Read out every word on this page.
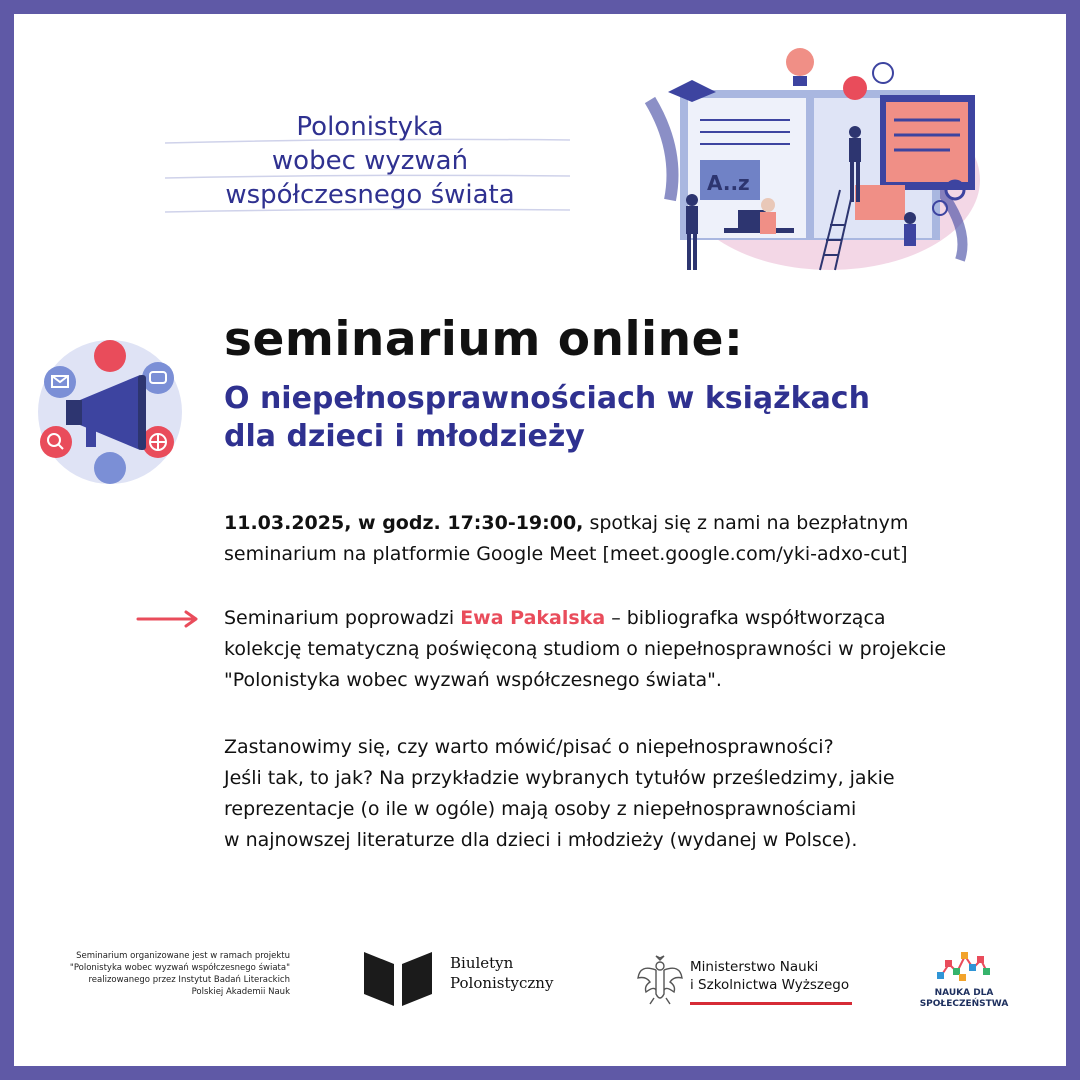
Polonistyka
wobec wyzwań
współczesnego świata	A..z
seminarium online:
O niepełnosprawnościach w książkach
dla dzieci i młodzieży
11.03.2025, w godz. 17:30-19:00, spotkaj się z nami na bezpłatnym
seminarium na platformie Google Meet [meet.google.com/yki-adxo-cut]
Seminarium poprowadzi Ewa Pakalska – bibliografka współtworząca
kolekcję tematyczną poświęconą studiom o niepełnosprawności w projekcie
"Polonistyka wobec wyzwań współczesnego świata".
Zastanowimy się, czy warto mówić/pisać o niepełnosprawności?
Jeśli tak, to jak? Na przykładzie wybranych tytułów prześledzimy, jakie
reprezentacje (o ile w ogóle) mają osoby z niepełnosprawnościami
w najnowszej literaturze dla dzieci i młodzieży (wydanej w Polsce).
Seminarium organizowane jest w ramach projektu
"Polonistyka wobec wyzwań współczesnego świata"
realizowanego przez Instytut Badań Literackich
Polskiej Akademii Nauk
Biuletyn
Polonistyczny
Ministerstwo Nauki
i Szkolnictwa Wyższego	NAUKA DLA
SPOŁECZEŃSTWA
